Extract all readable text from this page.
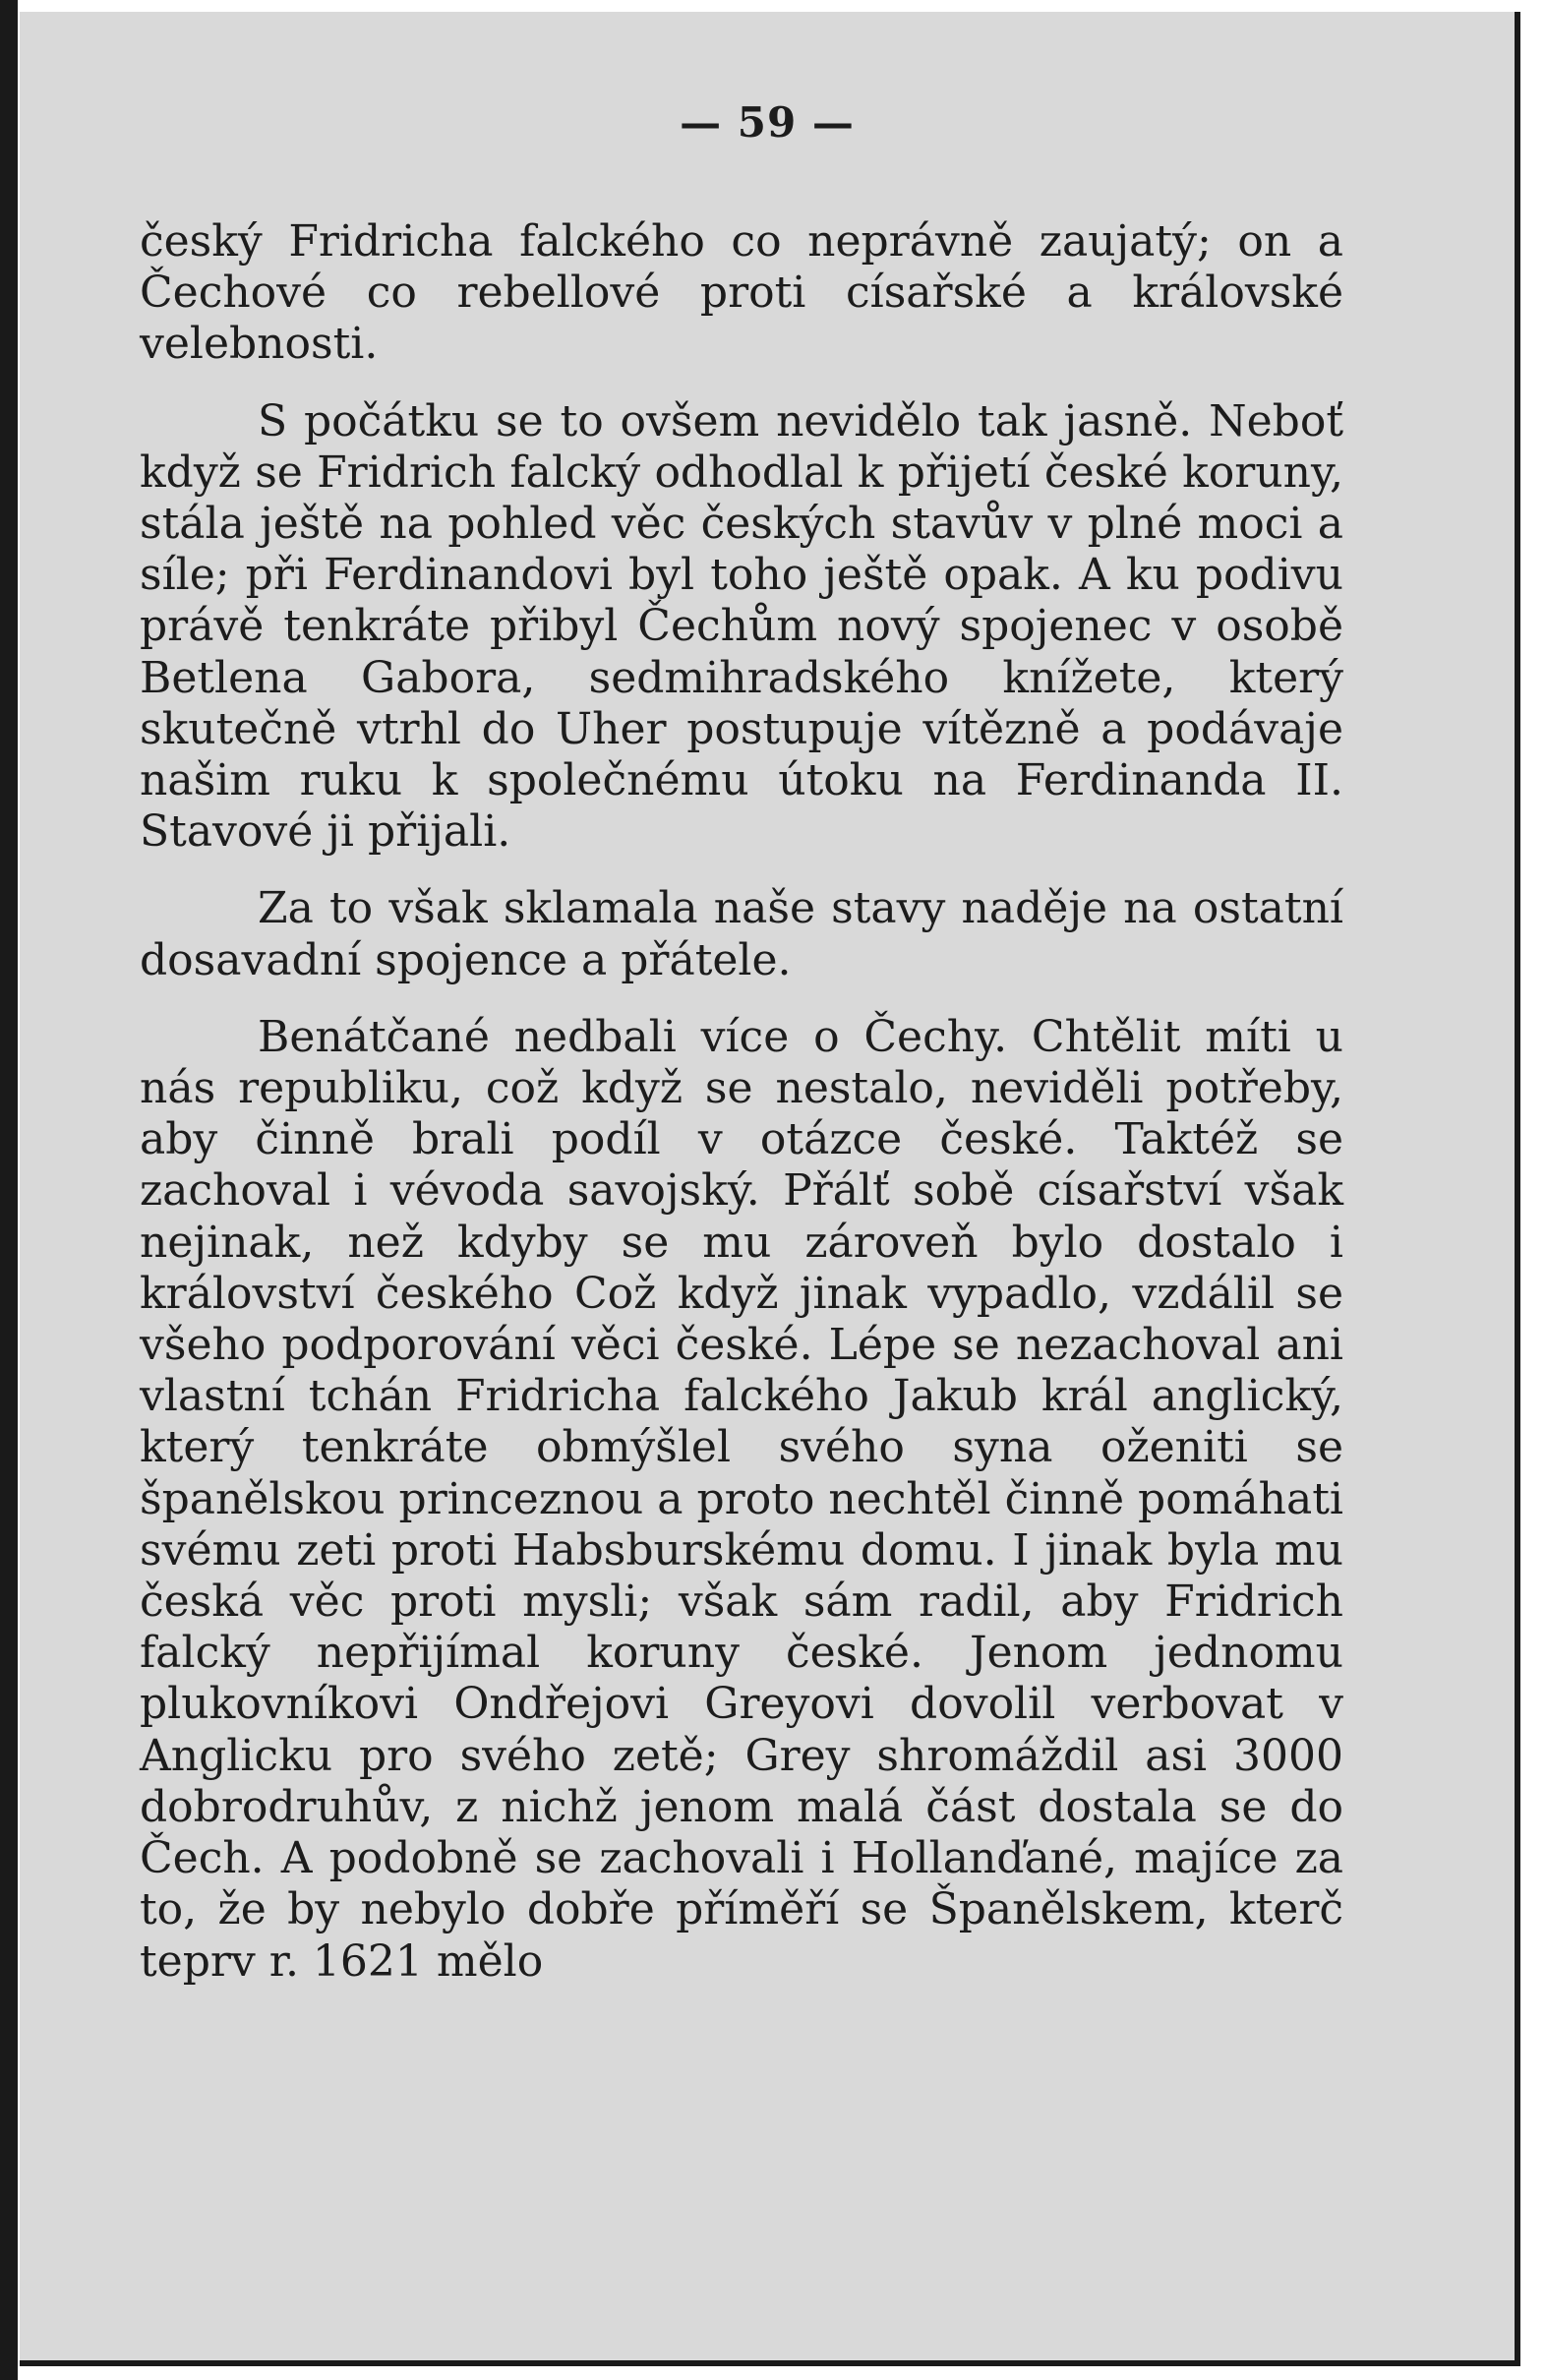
— 59 —

český Fridricha falckého co neprávně zaujatý; on a Čechové co rebellové proti císařské a královské velebnosti.

S počátku se to ovšem nevidělo tak jasně. Neboť když se Fridrich falcký odhodlal k přijetí české koruny, stála ještě na pohled věc českých stavův v plné moci a síle; při Ferdinandovi byl toho ještě opak. A ku podivu právě tenkráte přibyl Čechům nový spojenec v osobě Betlena Gabora, sedmihradského knížete, který skutečně vtrhl do Uher postupuje vítězně a podávaje našim ruku k společnému útoku na Ferdinanda II. Stavové ji přijali.

Za to však sklamala naše stavy naděje na ostatní dosavadní spojence a přátele.

Benátčané nedbali více o Čechy. Chtělit míti u nás republiku, což když se nestalo, neviděli potřeby, aby činně brali podíl v otázce české. Taktéž se zachoval i vévoda savojský. Přálť sobě císařství však nejinak, než kdyby se mu zároveň bylo dostalo i království českého Což když jinak vypadlo, vzdálil se všeho podporování věci české. Lépe se nezachoval ani vlastní tchán Fridricha falckého Jakub král anglický, který tenkráte obmýšlel svého syna oženiti se španělskou princeznou a proto nechtěl činně pomáhati svému zeti proti Habsburskému domu. I jinak byla mu česká věc proti mysli; však sám radil, aby Fridrich falcký nepřijímal koruny české. Jenom jednomu plukovníkovi Ondřejovi Greyovi dovolil verbovat v Anglicku pro svého zetě; Grey shromáždil asi 3000 dobrodruhův, z nichž jenom malá část dostala se do Čech. A podobně se zachovali i Hollanďané, majíce za to, že by nebylo dobře příměří se Španělskem, kterč teprv r. 1621 mělo
